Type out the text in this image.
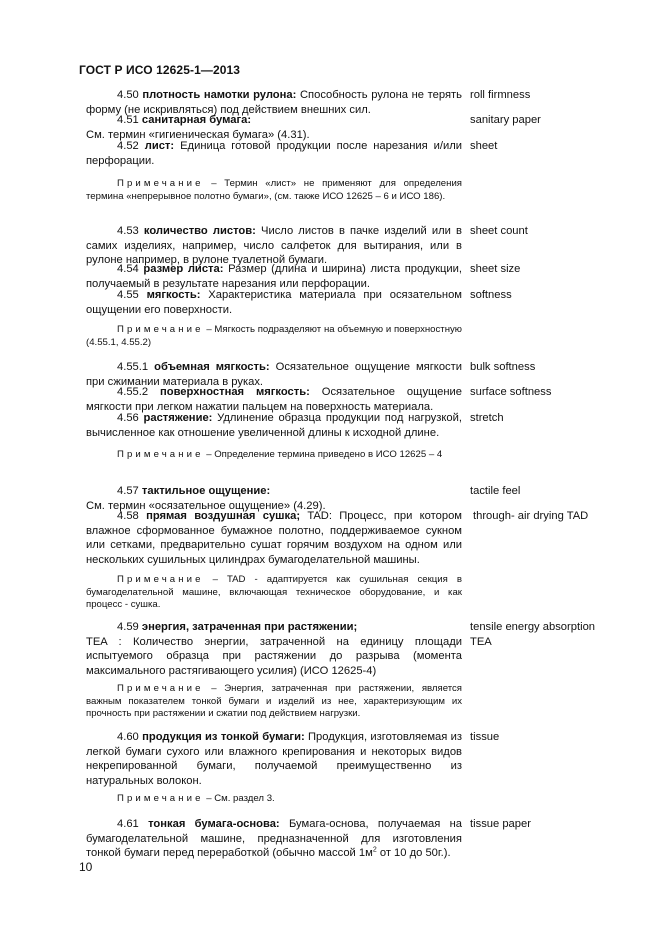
ГОСТ Р ИСО 12625-1—2013
4.50 плотность намотки рулона: Способность рулона не терять форму (не искривляться) под действием внешних сил.
roll firmness
4.51 санитарная бумага:
См. термин «гигиеническая бумага» (4.31).
sanitary paper
4.52 лист: Единица готовой продукции после нарезания и/или перфорации.
sheet
Примечание – Термин «лист» не применяют для определения термина «непрерывное полотно бумаги», (см. также ИСО 12625 – 6 и ИСО 186).
4.53 количество листов: Число листов в пачке изделий или в самих изделиях, например, число салфеток для вытирания, или в рулоне например, в рулоне туалетной бумаги.
sheet count
4.54 размер листа: Размер (длина и ширина) листа продукции, получаемый в результате нарезания или перфорации.
sheet size
4.55 мягкость: Характеристика материала при осязательном ощущении его поверхности.
softness
Примечание – Мягкость подразделяют на объемную и поверхностную (4.55.1, 4.55.2)
4.55.1 объемная мягкость: Осязательное ощущение мягкости при сжимании материала в руках.
bulk softness
4.55.2 поверхностная мягкость: Осязательное ощущение мягкости при легком нажатии пальцем на поверхность материала.
surface softness
4.56 растяжение: Удлинение образца продукции под нагрузкой, вычисленное как отношение увеличенной длины к исходной длине.
stretch
Примечание – Определение термина приведено в ИСО 12625 – 4
4.57 тактильное ощущение:
См. термин «осязательное ощущение» (4.29).
tactile feel
4.58 прямая воздушная сушка; TAD: Процесс, при котором влажное сформованное бумажное полотно, поддерживаемое сукном или сетками, предварительно сушат горячим воздухом на одном или нескольких сушильных цилиндрах бумагоделательной машины.
through- air drying TAD
Примечание – TAD - адаптируется как сушильная секция в бумагоделательной машине, включающая техническое оборудование, и как процесс - сушка.
4.59 энергия, затраченная при растяжении;
TEA : Количество энергии, затраченной на единицу площади испытуемого образца при растяжении до разрыва (момента максимального растягивающего усилия) (ИСО 12625-4)
tensile energy absorption
TEA
Примечание – Энергия, затраченная при растяжении, является важным показателем тонкой бумаги и изделий из нее, характеризующим их прочность при растяжении и сжатии под действием нагрузки.
4.60 продукция из тонкой бумаги: Продукция, изготовляемая из легкой бумаги сухого или влажного крепирования и некоторых видов некрепированной бумаги, получаемой преимущественно из натуральных волокон.
tissue
Примечание – См. раздел 3.
4.61 тонкая бумага-основа: Бумага-основа, получаемая на бумагоделательной машине, предназначенной для изготовления тонкой бумаги перед переработкой (обычно массой $1м^2$ от 10 до 50г.).
tissue paper
10
